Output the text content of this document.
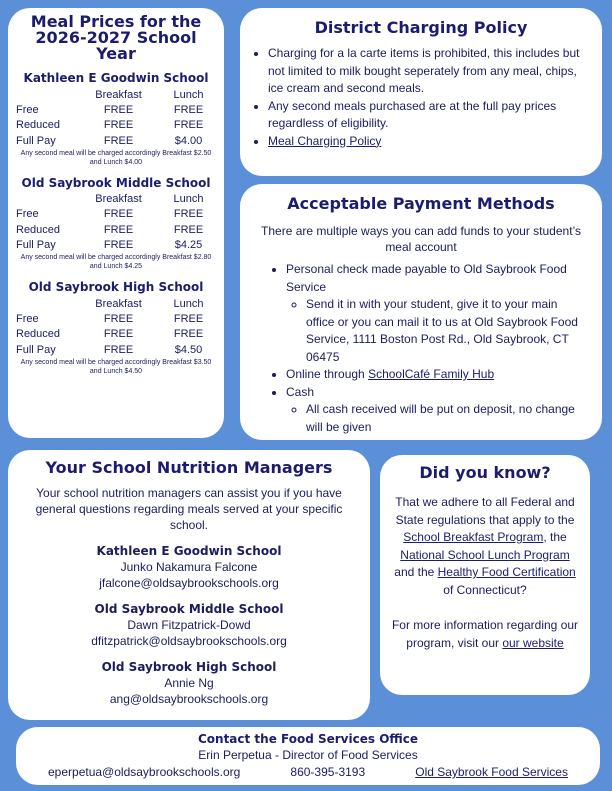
Meal Prices for the 2026-2027 School Year
Kathleen E Goodwin School
	Breakfast	Lunch
Free	FREE	FREE
Reduced	FREE	FREE
Full Pay	FREE	$4.00
Any second meal will be charged accordingly Breakfast $2.50 and Lunch $4.00
Old Saybrook Middle School
	Breakfast	Lunch
Free	FREE	FREE
Reduced	FREE	FREE
Full Pay	FREE	$4.25
Any second meal will be charged accordingly Breakfast $2.80 and Lunch $4.25
Old Saybrook High School
	Breakfast	Lunch
Free	FREE	FREE
Reduced	FREE	FREE
Full Pay	FREE	$4.50
Any second meal will be charged accordingly Breakfast $3.50 and Lunch $4.50
District Charging Policy
• Charging for a la carte items is prohibited, this includes but not limited to milk bought seperately from any meal, chips, ice cream and second meals.
• Any second meals purchased are at the full pay prices regardless of eligibility.
• Meal Charging Policy
Acceptable Payment Methods
There are multiple ways you can add funds to your student’s meal account
• Personal check made payable to Old Saybrook Food Service
◦ Send it in with your student, give it to your main office or you can mail it to us at Old Saybrook Food Service, 1111 Boston Post Rd., Old Saybrook, CT 06475
• Online through SchoolCafé Family Hub
• Cash
◦ All cash received will be put on deposit, no change will be given
Your School Nutrition Managers
Your school nutrition managers can assist you if you have general questions regarding meals served at your specific school.
Kathleen E Goodwin School
Junko Nakamura Falcone
jfalcone@oldsaybrookschools.org
Old Saybrook Middle School
Dawn Fitzpatrick-Dowd
dfitzpatrick@oldsaybrookschools.org
Old Saybrook High School
Annie Ng
ang@oldsaybrookschools.org
Did you know?
That we adhere to all Federal and State regulations that apply to the School Breakfast Program, the National School Lunch Program and the Healthy Food Certification of Connecticut?
For more information regarding our program, visit our our website
Contact the Food Services Office
Erin Perpetua - Director of Food Services
eperpetua@oldsaybrookschools.org	860-395-3193	Old Saybrook Food Services
